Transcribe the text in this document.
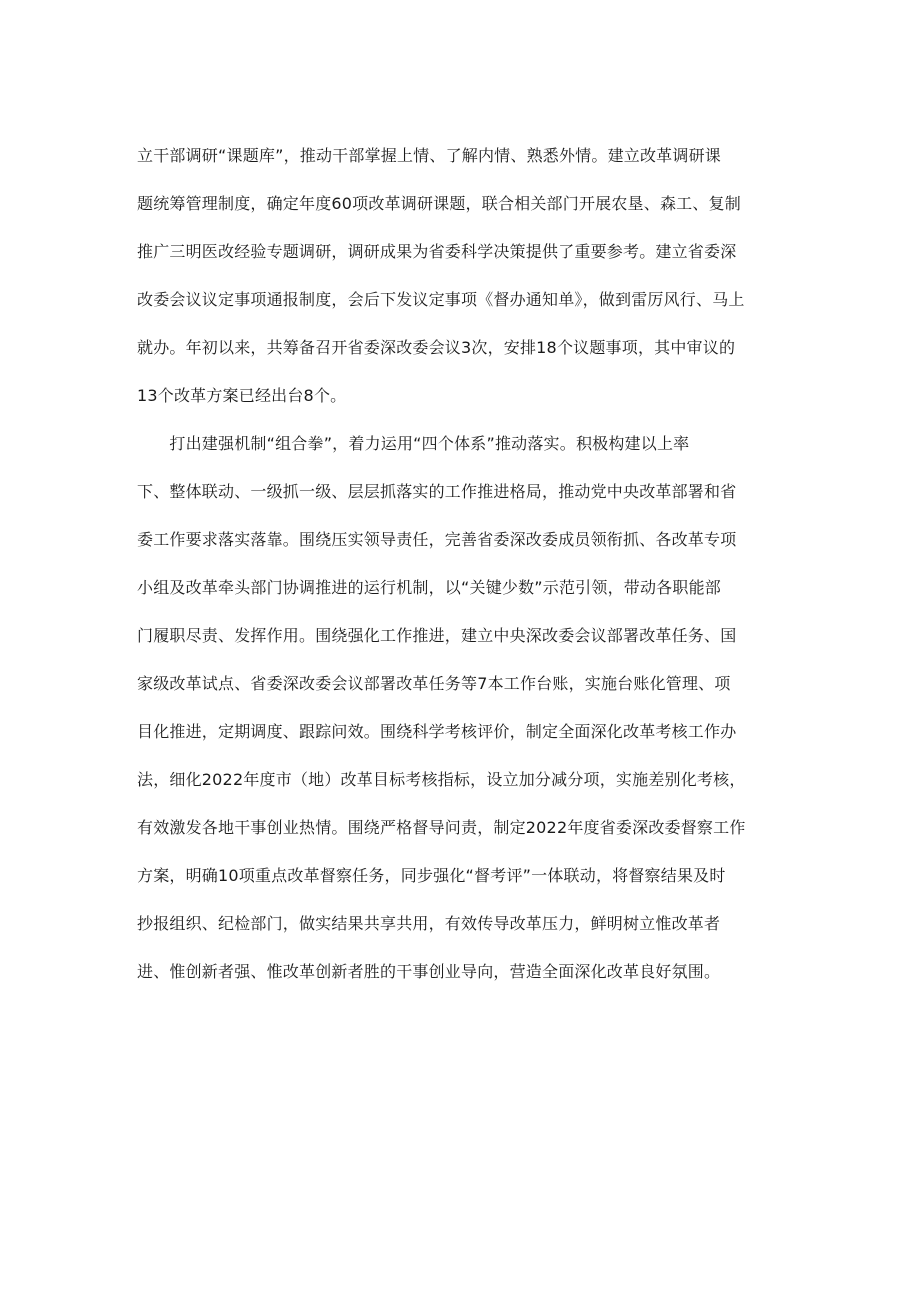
立干部调研“课题库”，推动干部掌握上情、了解内情、熟悉外情。建立改革调研课
题统筹管理制度，确定年度60项改革调研课题，联合相关部门开展农垦、森工、复制
推广三明医改经验专题调研，调研成果为省委科学决策提供了重要参考。建立省委深
改委会议议定事项通报制度，会后下发议定事项《督办通知单》，做到雷厉风行、马上
就办。年初以来，共筹备召开省委深改委会议3次，安排18个议题事项，其中审议的
13个改革方案已经出台8个。
　　打出建强机制“组合拳”，着力运用“四个体系”推动落实。积极构建以上率
下、整体联动、一级抓一级、层层抓落实的工作推进格局，推动党中央改革部署和省
委工作要求落实落靠。围绕压实领导责任，完善省委深改委成员领衔抓、各改革专项
小组及改革牵头部门协调推进的运行机制，以“关键少数”示范引领，带动各职能部
门履职尽责、发挥作用。围绕强化工作推进，建立中央深改委会议部署改革任务、国
家级改革试点、省委深改委会议部署改革任务等7本工作台账，实施台账化管理、项
目化推进，定期调度、跟踪问效。围绕科学考核评价，制定全面深化改革考核工作办
法，细化2022年度市（地）改革目标考核指标，设立加分减分项，实施差别化考核，
有效激发各地干事创业热情。围绕严格督导问责，制定2022年度省委深改委督察工作
方案，明确10项重点改革督察任务，同步强化“督考评”一体联动，将督察结果及时
抄报组织、纪检部门，做实结果共享共用，有效传导改革压力，鲜明树立惟改革者
进、惟创新者强、惟改革创新者胜的干事创业导向，营造全面深化改革良好氛围。
